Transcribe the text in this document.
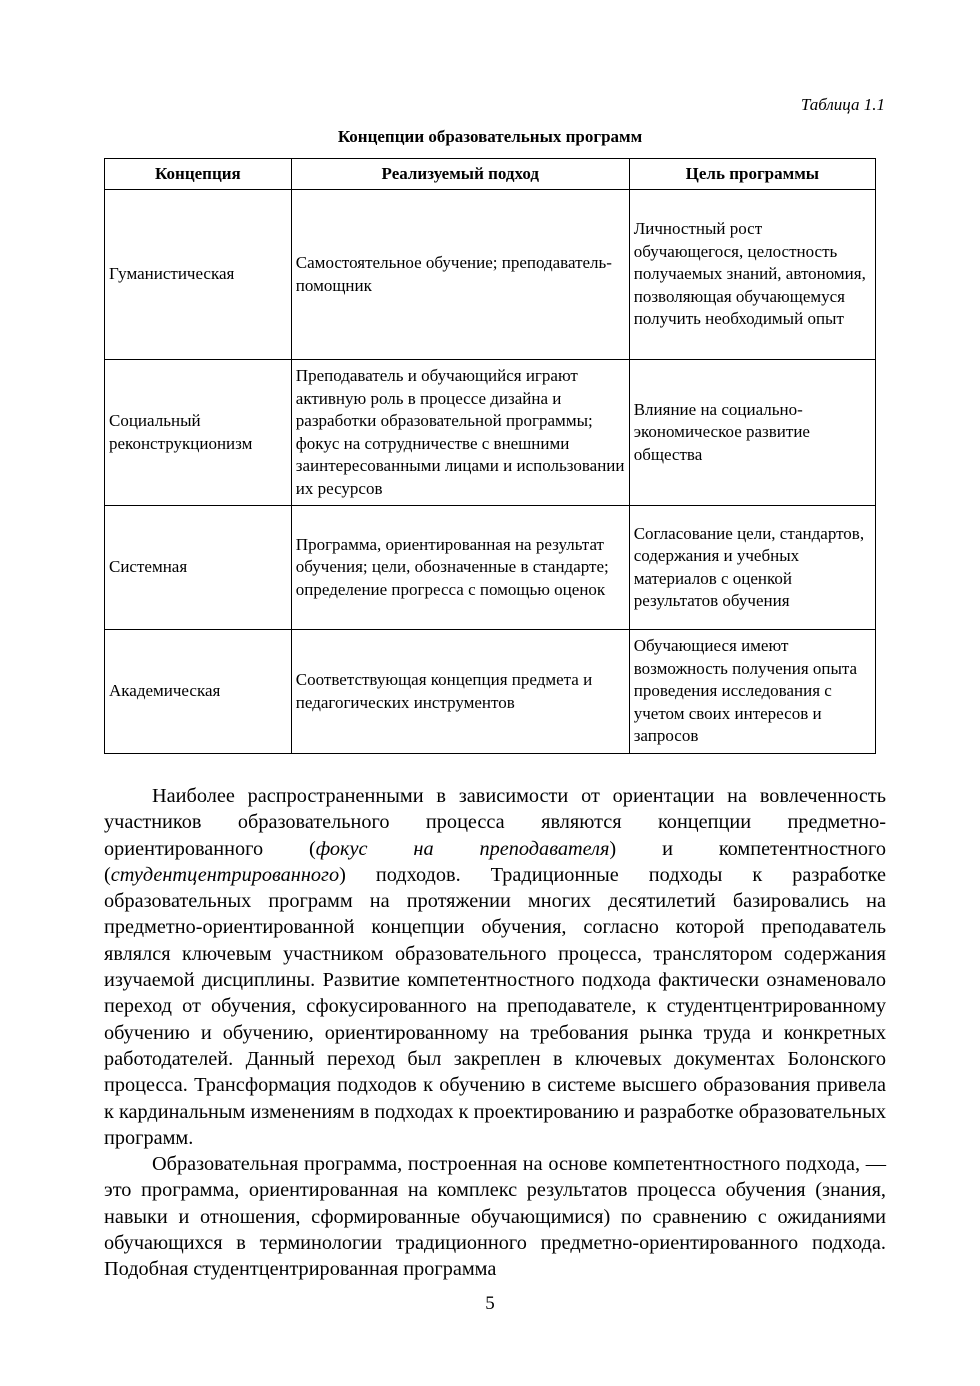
Таблица 1.1
Концепции образовательных программ
Концепция	Реализуемый подход	Цель программы
Гуманистическая	Самостоятельное обучение; преподаватель-помощник	Личностный рост обучающегося, целостность получаемых знаний, автономия, позволяющая обучающемуся получить необходимый опыт
Социальный реконструкционизм	Преподаватель и обучающийся играют активную роль в процессе дизайна и разработки образовательной программы; фокус на сотрудничестве с внешними заинтересованными лицами и использовании их ресурсов	Влияние на социально-экономическое развитие общества
Системная	Программа, ориентированная на результат обучения; цели, обозначенные в стандарте; определение прогресса с помощью оценок	Согласование цели, стандартов, содержания и учебных материалов с оценкой результатов обучения
Академическая	Соответствующая концепция предмета и педагогических инструментов	Обучающиеся имеют возможность получения опыта проведения исследования с учетом своих интересов и запросов

Наиболее распространенными в зависимости от ориентации на вовлеченность участников образовательного процесса являются концепции предметно-ориентированного (фокус на преподавателя) и компетентностного (студентцентрированного) подходов. Традиционные подходы к разработке образовательных программ на протяжении многих десятилетий базировались на предметно-ориентированной концепции обучения, согласно которой преподаватель являлся ключевым участником образовательного процесса, транслятором содержания изучаемой дисциплины. Развитие компетентностного подхода фактически ознаменовало переход от обучения, сфокусированного на преподавателе, к студентцентрированному обучению и обучению, ориентированному на требования рынка труда и конкретных работодателей. Данный переход был закреплен в ключевых документах Болонского процесса. Трансформация подходов к обучению в системе высшего образования привела к кардинальным изменениям в подходах к проектированию и разработке образовательных программ.

Образовательная программа, построенная на основе компетентностного подхода, — это программа, ориентированная на комплекс результатов процесса обучения (знания, навыки и отношения, сформированные обучающимися) по сравнению с ожиданиями обучающихся в терминологии традиционного предметно-ориентированного подхода. Подобная студентцентрированная программа

5
